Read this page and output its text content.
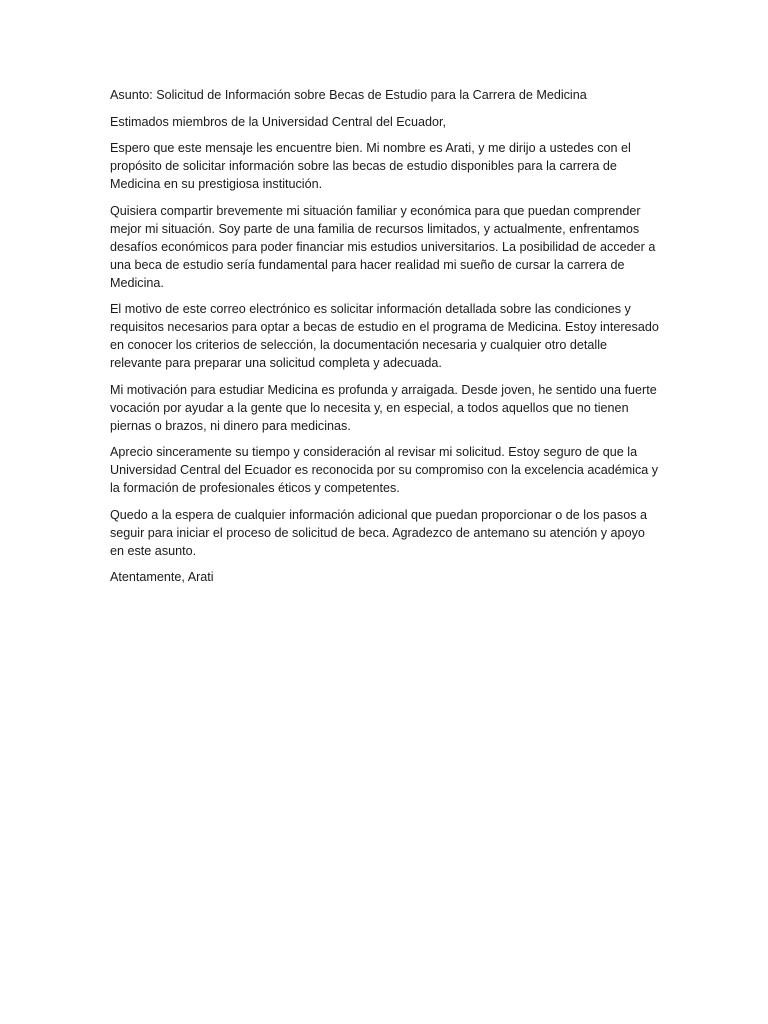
Asunto: Solicitud de Información sobre Becas de Estudio para la Carrera de Medicina

Estimados miembros de la Universidad Central del Ecuador,

Espero que este mensaje les encuentre bien. Mi nombre es Arati, y me dirijo a ustedes con el propósito de solicitar información sobre las becas de estudio disponibles para la carrera de Medicina en su prestigiosa institución.

Quisiera compartir brevemente mi situación familiar y económica para que puedan comprender mejor mi situación. Soy parte de una familia de recursos limitados, y actualmente, enfrentamos desafíos económicos para poder financiar mis estudios universitarios. La posibilidad de acceder a una beca de estudio sería fundamental para hacer realidad mi sueño de cursar la carrera de Medicina.

El motivo de este correo electrónico es solicitar información detallada sobre las condiciones y requisitos necesarios para optar a becas de estudio en el programa de Medicina. Estoy interesado en conocer los criterios de selección, la documentación necesaria y cualquier otro detalle relevante para preparar una solicitud completa y adecuada.

Mi motivación para estudiar Medicina es profunda y arraigada. Desde joven, he sentido una fuerte vocación por ayudar a la gente que lo necesita y, en especial, a todos aquellos que no tienen piernas o brazos, ni dinero para medicinas.

Aprecio sinceramente su tiempo y consideración al revisar mi solicitud. Estoy seguro de que la Universidad Central del Ecuador es reconocida por su compromiso con la excelencia académica y la formación de profesionales éticos y competentes.

Quedo a la espera de cualquier información adicional que puedan proporcionar o de los pasos a seguir para iniciar el proceso de solicitud de beca. Agradezco de antemano su atención y apoyo en este asunto.

Atentamente, Arati
